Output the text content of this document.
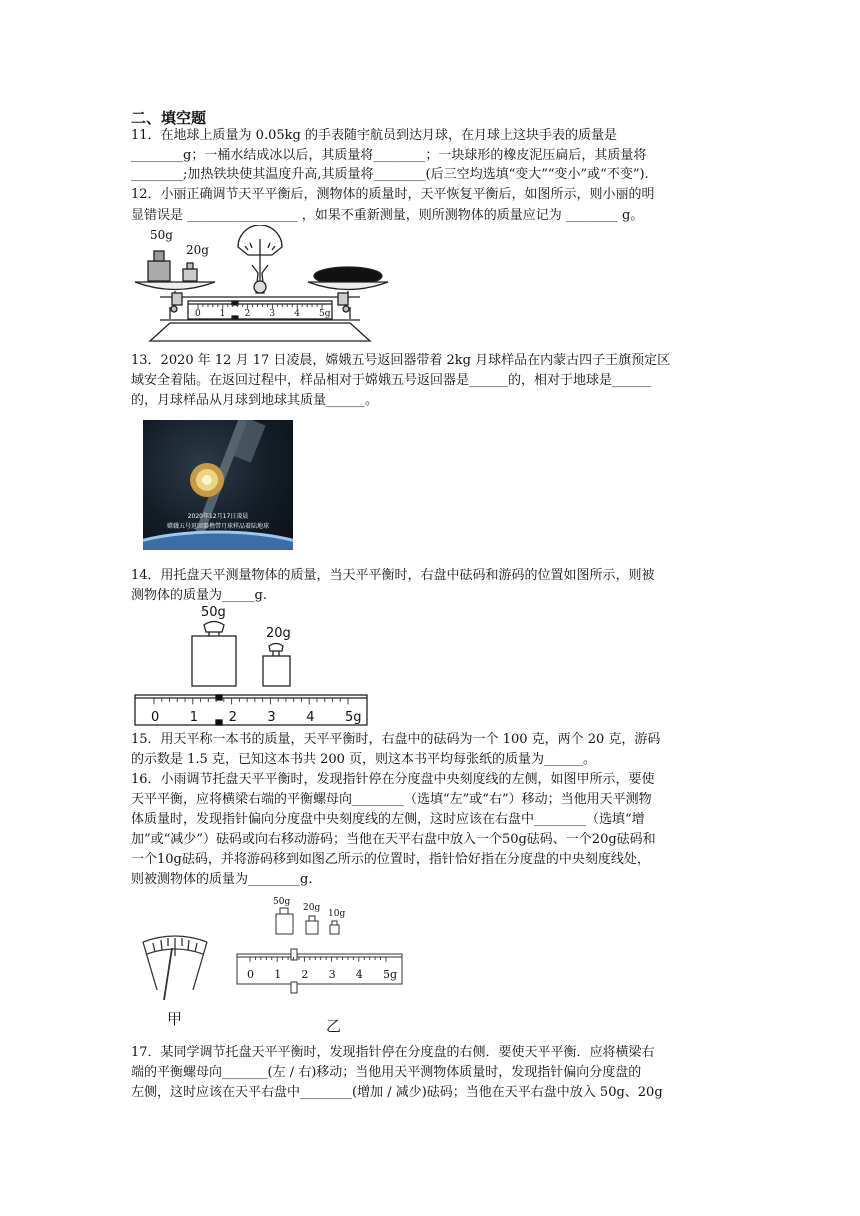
二、填空题
11．在地球上质量为 0.05kg 的手表随宇航员到达月球，在月球上这块手表的质量是
________g；一桶水结成冰以后，其质量将________；一块球形的橡皮泥压扁后，其质量将
________;加热铁块使其温度升高,其质量将________(后三空均选填“变大”“变小”或“不变”).
12．小丽正确调节天平平衡后，测物体的质量时，天平恢复平衡后，如图所示，则小丽的明
显错误是 _________________ ，如果不重新测量，则所测物体的质量应记为 ________ g。
50g
20g
0 1 2 3 4 5g
13．2020 年 12 月 17 日凌晨，嫦娥五号返回器带着 2kg 月球样品在内蒙古四子王旗预定区
域安全着陆。在返回过程中，样品相对于嫦娥五号返回器是______的，相对于地球是______
的，月球样品从月球到地球其质量______。
2020年12月17日凌晨
嫦娥五号返回器携带月球样品着陆地球
14．用托盘天平测量物体的质量，当天平平衡时，右盘中砝码和游码的位置如图所示，则被
测物体的质量为_____g.
50g
20g
0 1 2 3 4 5g
15．用天平称一本书的质量，天平平衡时，右盘中的砝码为一个 100 克，两个 20 克，游码
的示数是 1.5 克，已知这本书共 200 页，则这本书平均每张纸的质量为______。
16．小雨调节托盘天平平衡时，发现指针停在分度盘中央刻度线的左侧，如图甲所示，要使
天平平衡，应将横梁右端的平衡螺母向________（选填“左”或“右”）移动；当他用天平测物
体质量时，发现指针偏向分度盘中央刻度线的左侧，这时应该在右盘中________（选填“增
加”或“减少”）砝码或向右移动游码；当他在天平右盘中放入一个50g砝码、一个20g砝码和
一个10g砝码，并将游码移到如图乙所示的位置时，指针恰好指在分度盘的中央刻度线处，
则被测物体的质量为________g.
甲
50g
20g
10g
0 1 2 3 4 5g
乙
17．某同学调节托盘天平平衡时，发现指针停在分度盘的右侧．要使天平平衡．应将横梁右
端的平衡螺母向_______(左 / 右)移动；当他用天平测物体质量时，发现指针偏向分度盘的
左侧，这时应该在天平右盘中________(增加 / 减少)砝码；当他在天平右盘中放入 50g、20g
